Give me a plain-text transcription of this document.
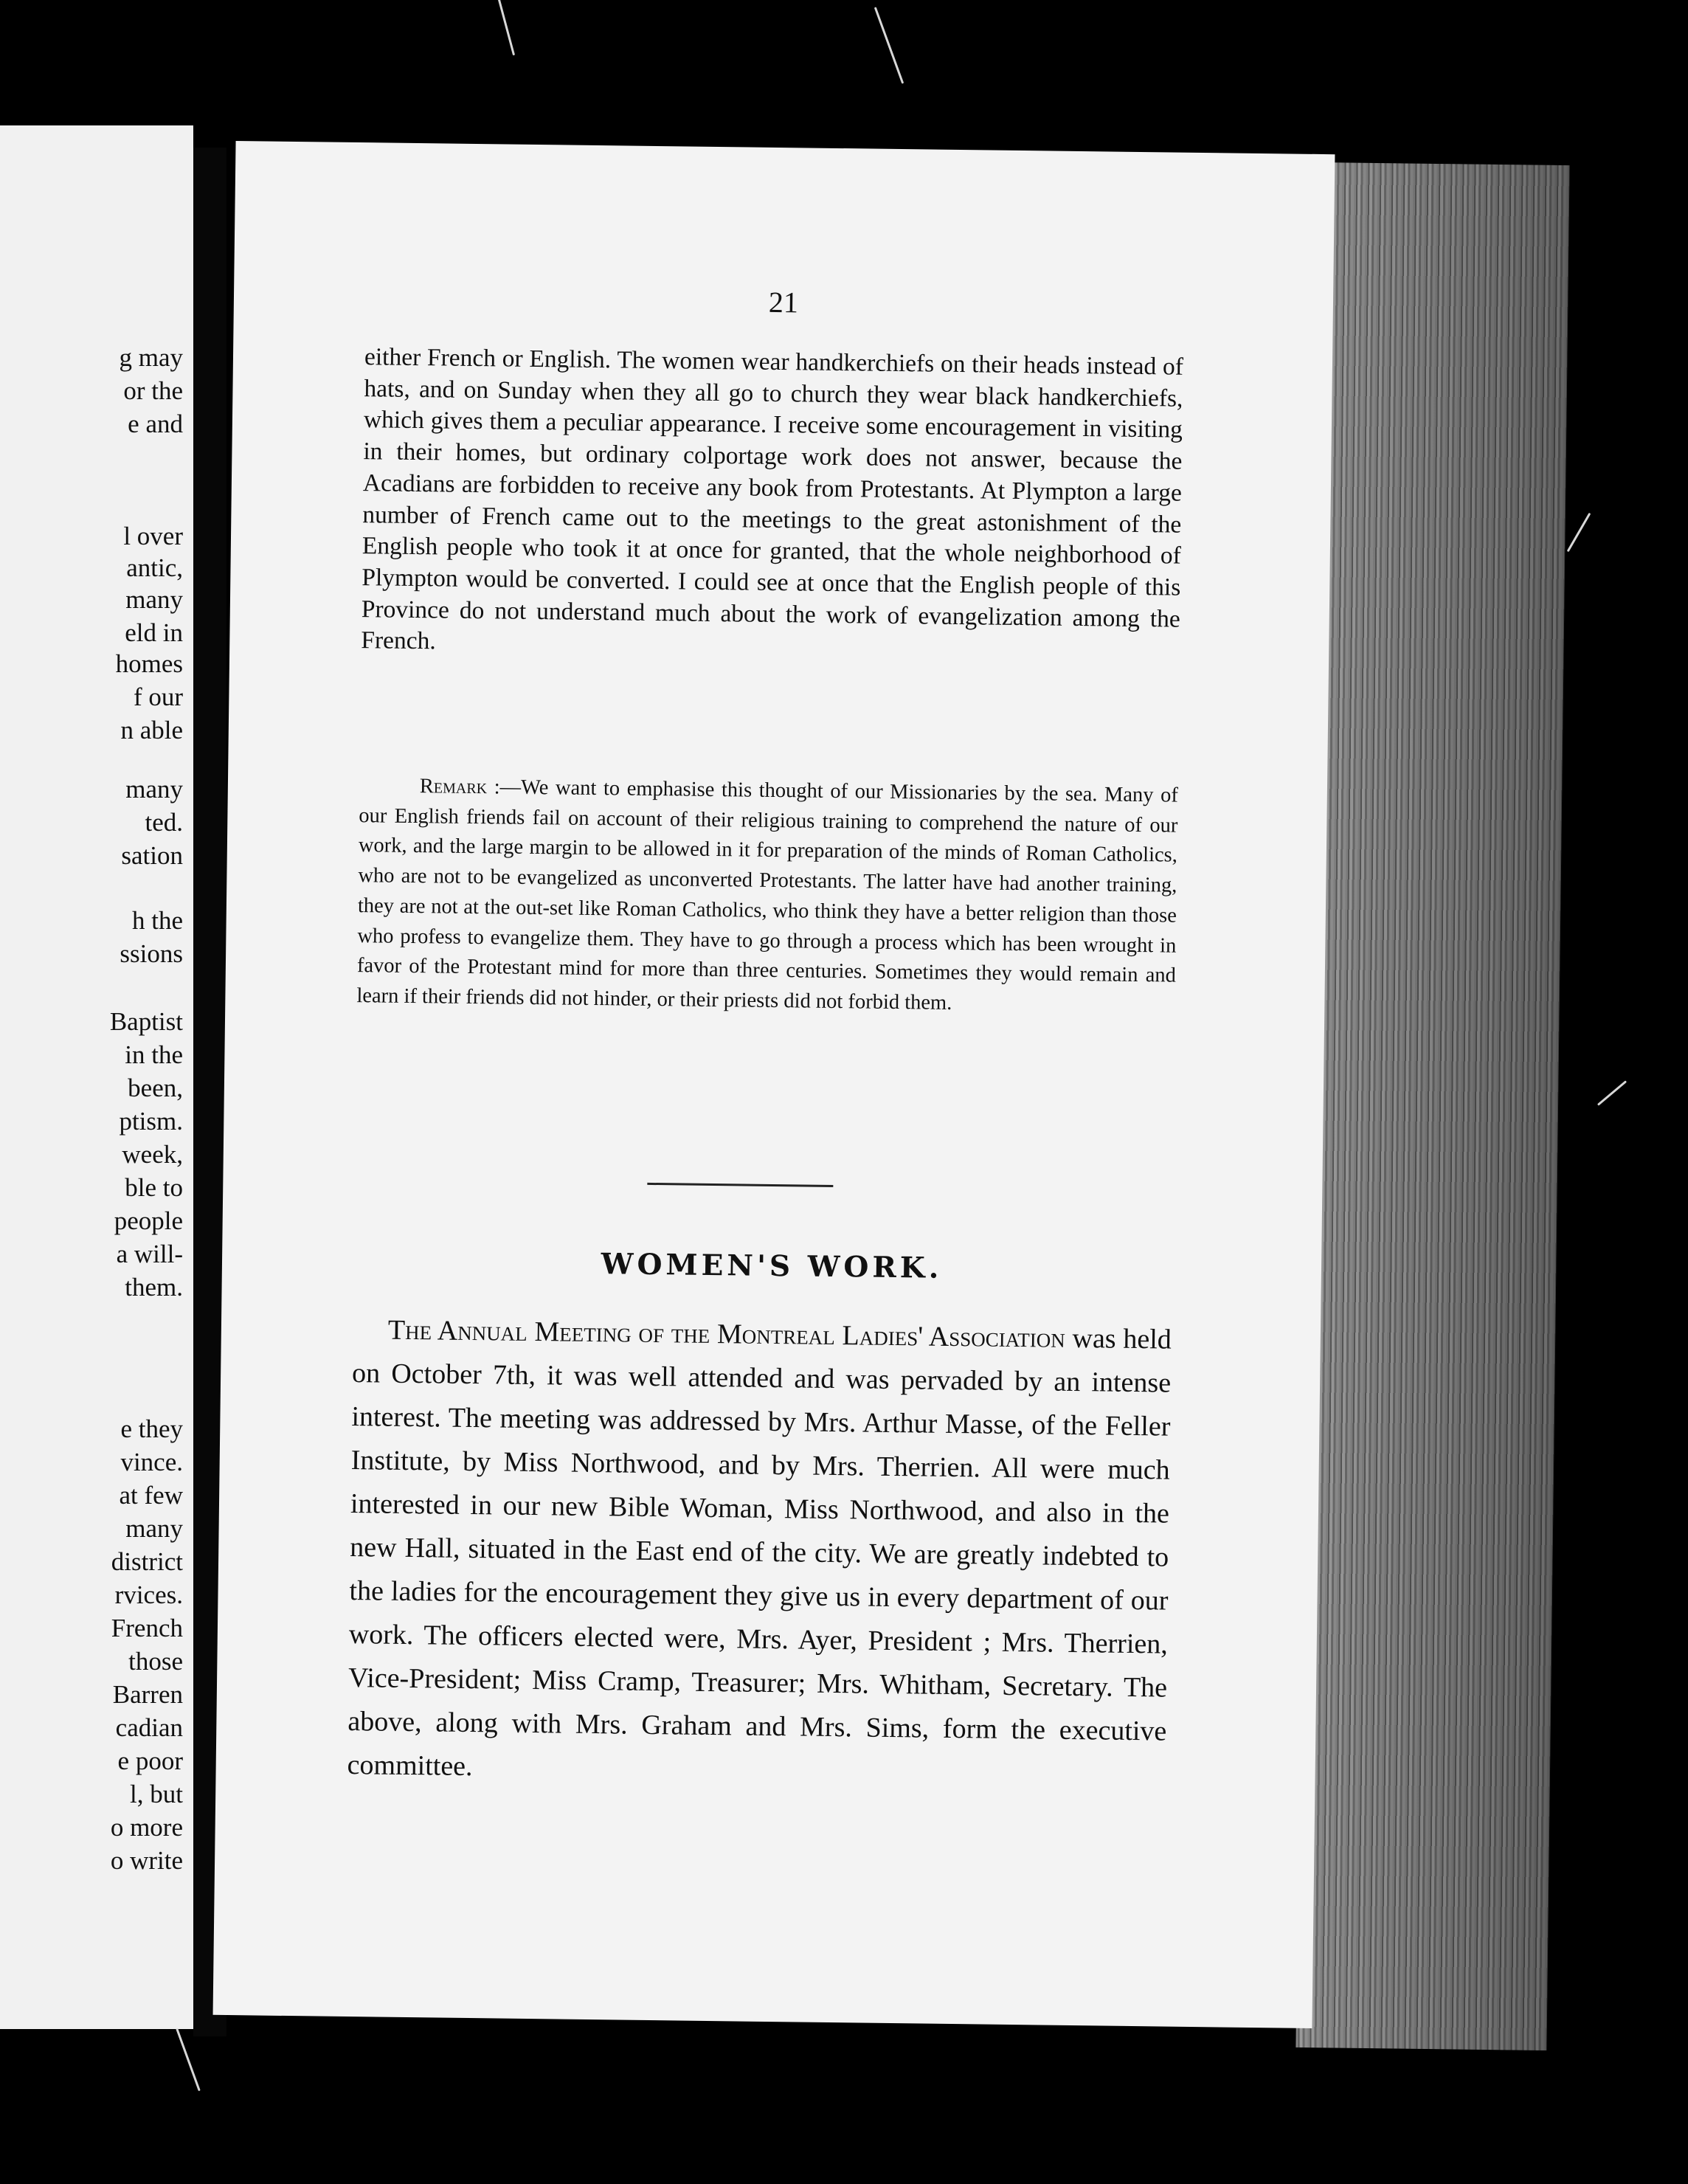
g may
or the
e and
l over
antic,
many
eld in
homes
f our
n able
many
ted.
sation
h the
ssions
Baptist
in the
been,
ptism.
week,
ble to
people
a will-
them.
e they
vince.
at few
many
district
rvices.
French
those
Barren
cadian
e poor
l, but
o more
o write
21
either French or English. The women wear handkerchiefs on their heads instead of hats, and on Sunday when they all go to church they wear black handkerchiefs, which gives them a peculiar appearance. I receive some encouragement in visiting in their homes, but ordinary colportage work does not answer, because the Acadians are forbidden to receive any book from Protestants. At Plympton a large number of French came out to the meetings to the great astonishment of the English people who took it at once for granted, that the whole neighborhood of Plympton would be converted. I could see at once that the English people of this Province do not understand much about the work of evangelization among the French.
Remark :—We want to emphasise this thought of our Missionaries by the sea. Many of our English friends fail on account of their religious training to comprehend the nature of our work, and the large margin to be allowed in it for preparation of the minds of Roman Catholics, who are not to be evangelized as unconverted Protestants. The latter have had another training, they are not at the out-set like Roman Catholics, who think they have a better religion than those who profess to evangelize them. They have to go through a process which has been wrought in favor of the Protestant mind for more than three centuries. Sometimes they would remain and learn if their friends did not hinder, or their priests did not forbid them.
WOMEN'S WORK.
The Annual Meeting of the Montreal Ladies' Association was held on October 7th, it was well attended and was pervaded by an intense interest. The meeting was addressed by Mrs. Arthur Masse, of the Feller Institute, by Miss Northwood, and by Mrs. Therrien. All were much interested in our new Bible Woman, Miss Northwood, and also in the new Hall, situated in the East end of the city. We are greatly indebted to the ladies for the encouragement they give us in every department of our work. The officers elected were, Mrs. Ayer, President ; Mrs. Therrien, Vice-President; Miss Cramp, Treasurer; Mrs. Whitham, Secretary. The above, along with Mrs. Graham and Mrs. Sims, form the executive committee.
